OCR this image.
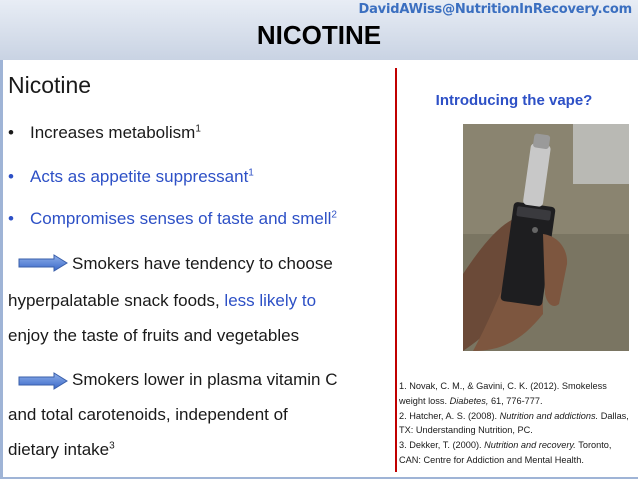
DavidAWiss@NutritionInRecovery.com
NICOTINE
Nicotine
• Increases metabolism$^1$
• Acts as appetite suppressant$^1$
• Compromises senses of taste and smell$^2$
Smokers have tendency to choose
hyperpalatable snack foods, less likely to
enjoy the taste of fruits and vegetables
Smokers lower in plasma vitamin C
and total carotenoids, independent of
dietary intake$^3$
Introducing the vape?

1. Novak, C. M., & Gavini, C. K. (2012). Smokeless weight loss. Diabetes, 61, 776-777.

2. Hatcher, A. S. (2008). Nutrition and addictions. Dallas, TX: Understanding Nutrition, PC.

3. Dekker, T. (2000). Nutrition and recovery. Toronto, CAN: Centre for Addiction and Mental Health.
